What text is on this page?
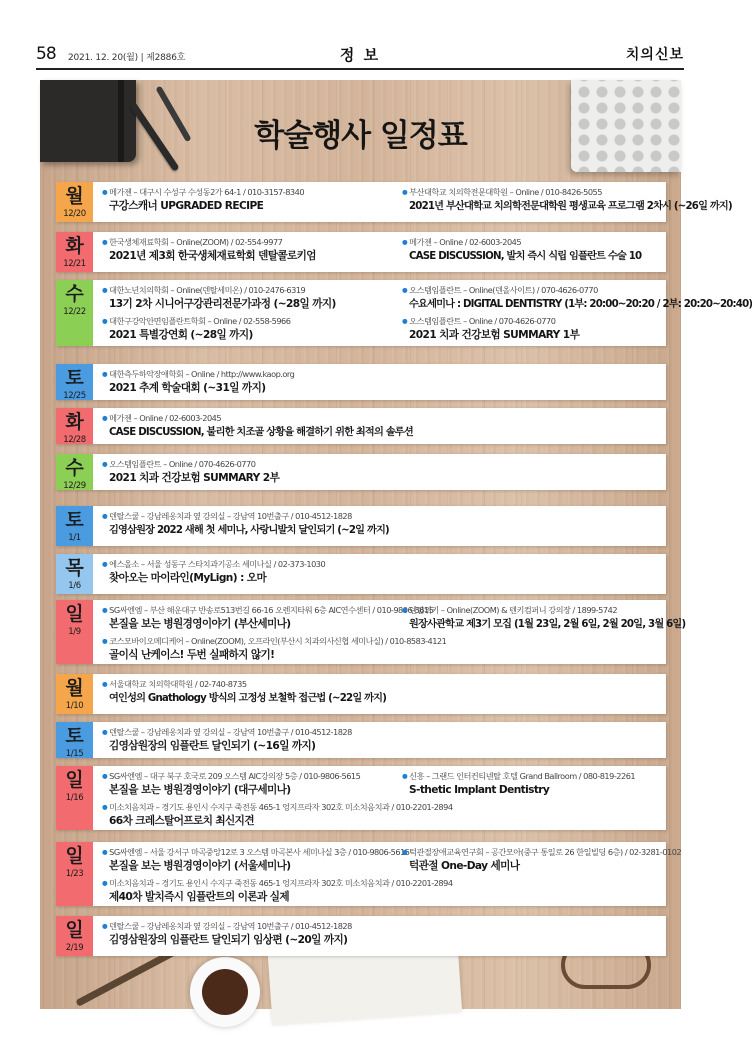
58 2021. 12. 20(월) | 제2886호	정 보	치의신보
학술행사 일정표
월
12/20
● 메가젠 – 대구시 수성구 수성동2가 64-1 / 010-3157-8340
구강스캐너 UPGRADED RECIPE
● 부산대학교 치의학전문대학원 – Online / 010-8426-5055
2021년 부산대학교 치의학전문대학원 평생교육 프로그램 2차시 (~26일 까지)
화
12/21
● 한국생체재료학회 – Online(ZOOM) / 02-554-9977
2021년 제3회 한국생체재료학회 덴탈콜로키엄
● 메가젠 – Online / 02-6003-2045
CASE DISCUSSION, 발치 즉시 식립 임플란트 수술 10
수
12/22
● 대한노년치의학회 – Online(덴탈세미온) / 010-2476-6319
13기 2차 시니어구강관리전문가과정 (~28일 까지)
● 대한구강악안면임플란트학회 – Online / 02-558-5966
2021 특별강연회 (~28일 까지)
● 오스템임플란트 – Online(덴올사이트) / 070-4626-0770
수요세미나 : DIGITAL DENTISTRY (1부: 20:00~20:20 / 2부: 20:20~20:40)
● 오스템임플란트 – Online / 070-4626-0770
2021 치과 건강보험 SUMMARY 1부
토
12/25
● 대한측두하악장애학회 – Online / http://www.kaop.org
2021 추계 학술대회 (~31일 까지)
화
12/28
● 메가젠 – Online / 02-6003-2045
CASE DISCUSSION, 불리한 치조골 상황을 해결하기 위한 최적의 솔루션
수
12/29
● 오스템임플란트 – Online / 070-4626-0770
2021 치과 건강보험 SUMMARY 2부
토
1/1
● 덴탈스쿨 – 강남레옹치과 옆 강의실 – 강남역 10번출구 / 010-4512-1828
김영삼원장 2022 새해 첫 세미나, 사랑니발치 달인되기 (~2일 까지)
목
1/6
● 에스올소 – 서울 성동구 스타치과기공소 세미나실 / 02-373-1030
찾아오는 마이라인(MyLign) : 오마
일
1/9
● SG싸엔엠 – 부산 해운대구 반송로513번길 66-16 오렌지타워 6층 AIC연수센터 / 010-9806-5615
본질을 보는 병원경영이야기 (부산세미나)
● 코스모바이오메디케어 – Online(ZOOM), 오프라인(부산시 치과의사신협 세미나실) / 010-8583-4121
골이식 난케이스! 두번 실패하지 않기!
● 덴탈위키 – Online(ZOOM) & 텐키컴퍼니 강의장 / 1899-5742
원장사관학교 제3기 모집 (1월 23일, 2월 6일, 2월 20일, 3월 6일)
월
1/10
● 서울대학교 치의학대학원 / 02-740-8735
여인성의 Gnathology 방식의 고정성 보철학 접근법 (~22일 까지)
토
1/15
● 덴탈스쿨 – 강남레옹치과 옆 강의실 – 강남역 10번출구 / 010-4512-1828
김영삼원장의 임플란트 달인되기 (~16일 까지)
일
1/16
● SG싸엔엠 – 대구 북구 호국로 209 오스템 AIC강의장 5층 / 010-9806-5615
본질을 보는 병원경영이야기 (대구세미나)
● 미소치음치과 – 경기도 용인시 수지구 죽전동 465-1 엉지프라자 302호 미소치음치과 / 010-2201-2894
66차 크레스탈어프로치 최신지견
● 신흥 – 그랜드 인터컨티넨탈 호텔 Grand Ballroom / 080-819-2261
S-thetic Implant Dentistry
일
1/23
● SG싸엔엠 – 서울 강서구 마곡중앙12로 3 오스템 마곡본사 세미나실 3층 / 010-9806-5615
본질을 보는 병원경영이야기 (서울세미나)
● 미소치음치과 – 경기도 용인시 수지구 죽전동 465-1 엉지프라자 302호 미소치음치과 / 010-2201-2894
제40차 발치즉시 임플란트의 이론과 실제
● 턱관절장애교육연구회 – 공간모아(중구 통일로 26 한일빌딩 6층) / 02-3281-0102
턱관절 One-Day 세미나
일
2/19
● 덴탈스쿨 – 강남레옹치과 옆 강의실 – 강남역 10번출구 / 010-4512-1828
김영삼원장의 임플란트 달인되기 임상편 (~20일 까지)
